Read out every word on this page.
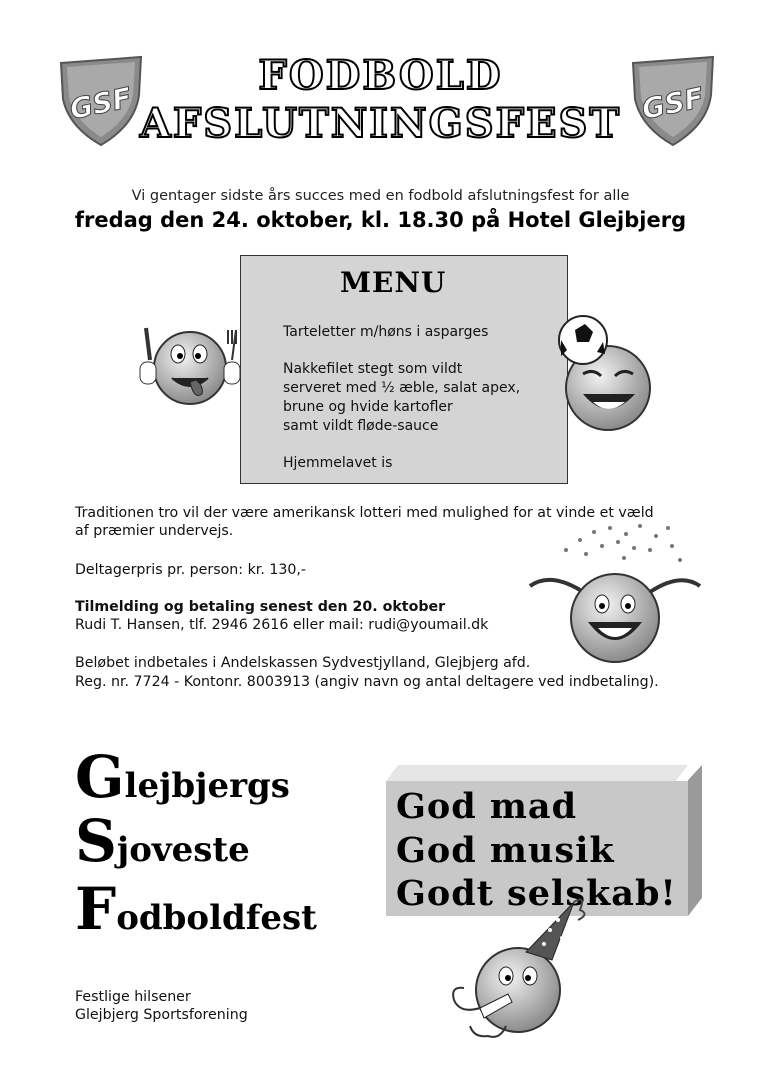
GSF	GSF
FODBOLD
AFSLUTNINGSFEST
Vi gentager sidste års succes med en fodbold afslutningsfest for alle
fredag den 24. oktober, kl. 18.30 på Hotel Glejbjerg
MENU
Tarteletter m/høns i asparges
Nakkefilet stegt som vildt
serveret med ½ æble, salat apex,
brune og hvide kartofler
samt vildt fløde-sauce
Hjemmelavet is
Traditionen tro vil der være amerikansk lotteri med mulighed for at vinde et væld
af præmier undervejs.
Deltagerpris pr. person: kr. 130,-
Tilmelding og betaling senest den 20. oktober
Rudi T. Hansen, tlf. 2946 2616 eller mail: rudi@youmail.dk
Beløbet indbetales i Andelskassen Sydvestjylland, Glejbjerg afd.
Reg. nr. 7724 - Kontonr. 8003913 (angiv navn og antal deltagere ved indbetaling).
Glejbjergs
Sjoveste
Fodboldfest
God mad
God musik
Godt selskab!
Festlige hilsener
Glejbjerg Sportsforening
